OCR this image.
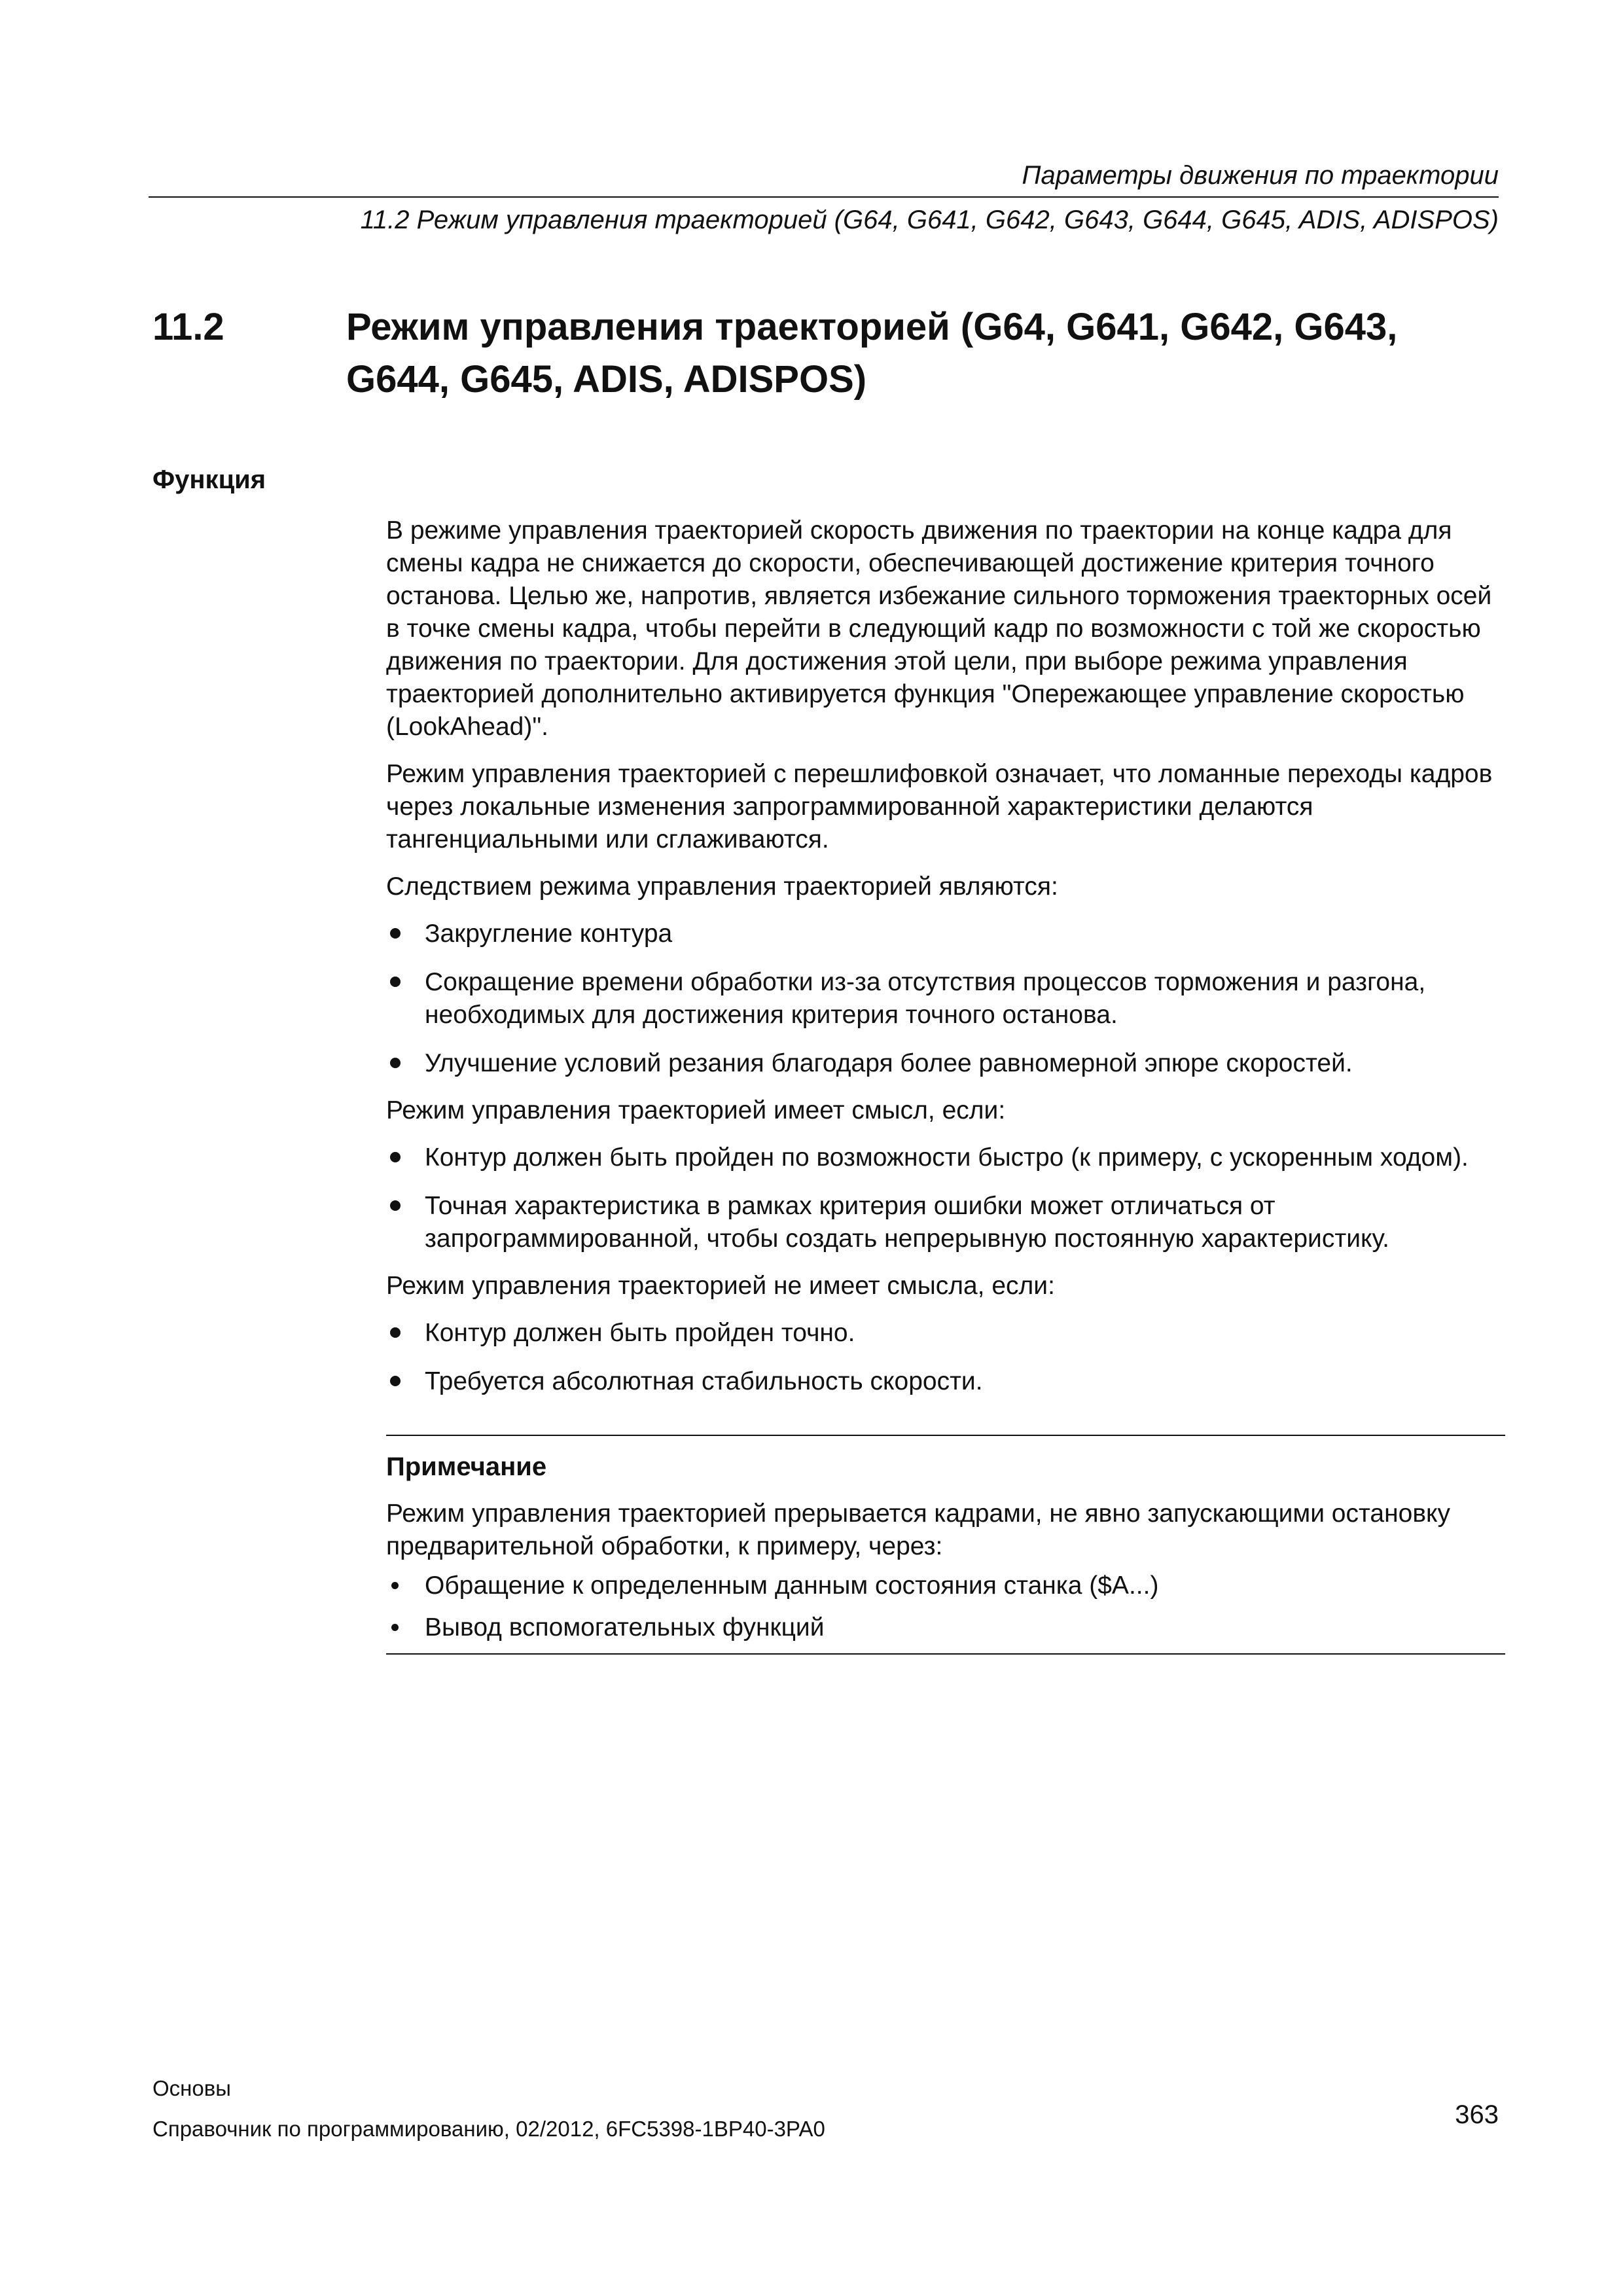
Параметры движения по траектории
11.2 Режим управления траекторией (G64, G641, G642, G643, G644, G645, ADIS, ADISPOS)
11.2	Режим управления траекторией (G64, G641, G642, G643, G644, G645, ADIS, ADISPOS)
Функция

В режиме управления траекторией скорость движения по траектории на конце кадра для смены кадра не снижается до скорости, обеспечивающей достижение критерия точного останова. Целью же, напротив, является избежание сильного торможения траекторных осей в точке смены кадра, чтобы перейти в следующий кадр по возможности с той же скоростью движения по траектории. Для достижения этой цели, при выборе режима управления траекторией дополнительно активируется функция "Опережающее управление скоростью (LookAhead)".

Режим управления траекторией с перешлифовкой означает, что ломанные переходы кадров через локальные изменения запрограммированной характеристики делаются тангенциальными или сглаживаются.

Следствием режима управления траекторией являются:

Закругление контура
Сокращение времени обработки из-за отсутствия процессов торможения и разгона, необходимых для достижения критерия точного останова.
Улучшение условий резания благодаря более равномерной эпюре скоростей.

Режим управления траекторией имеет смысл, если:

Контур должен быть пройден по возможности быстро (к примеру, с ускоренным ходом).
Точная характеристика в рамках критерия ошибки может отличаться от запрограммированной, чтобы создать непрерывную постоянную характеристику.

Режим управления траекторией не имеет смысла, если:

Контур должен быть пройден точно.
Требуется абсолютная стабильность скорости.
Примечание

Режим управления траекторией прерывается кадрами, не явно запускающими остановку предварительной обработки, к примеру, через:

Обращение к определенным данным состояния станка ($A...)
Вывод вспомогательных функций
Основы
Справочник по программированию, 02/2012, 6FC5398-1BP40-3PA0	363
